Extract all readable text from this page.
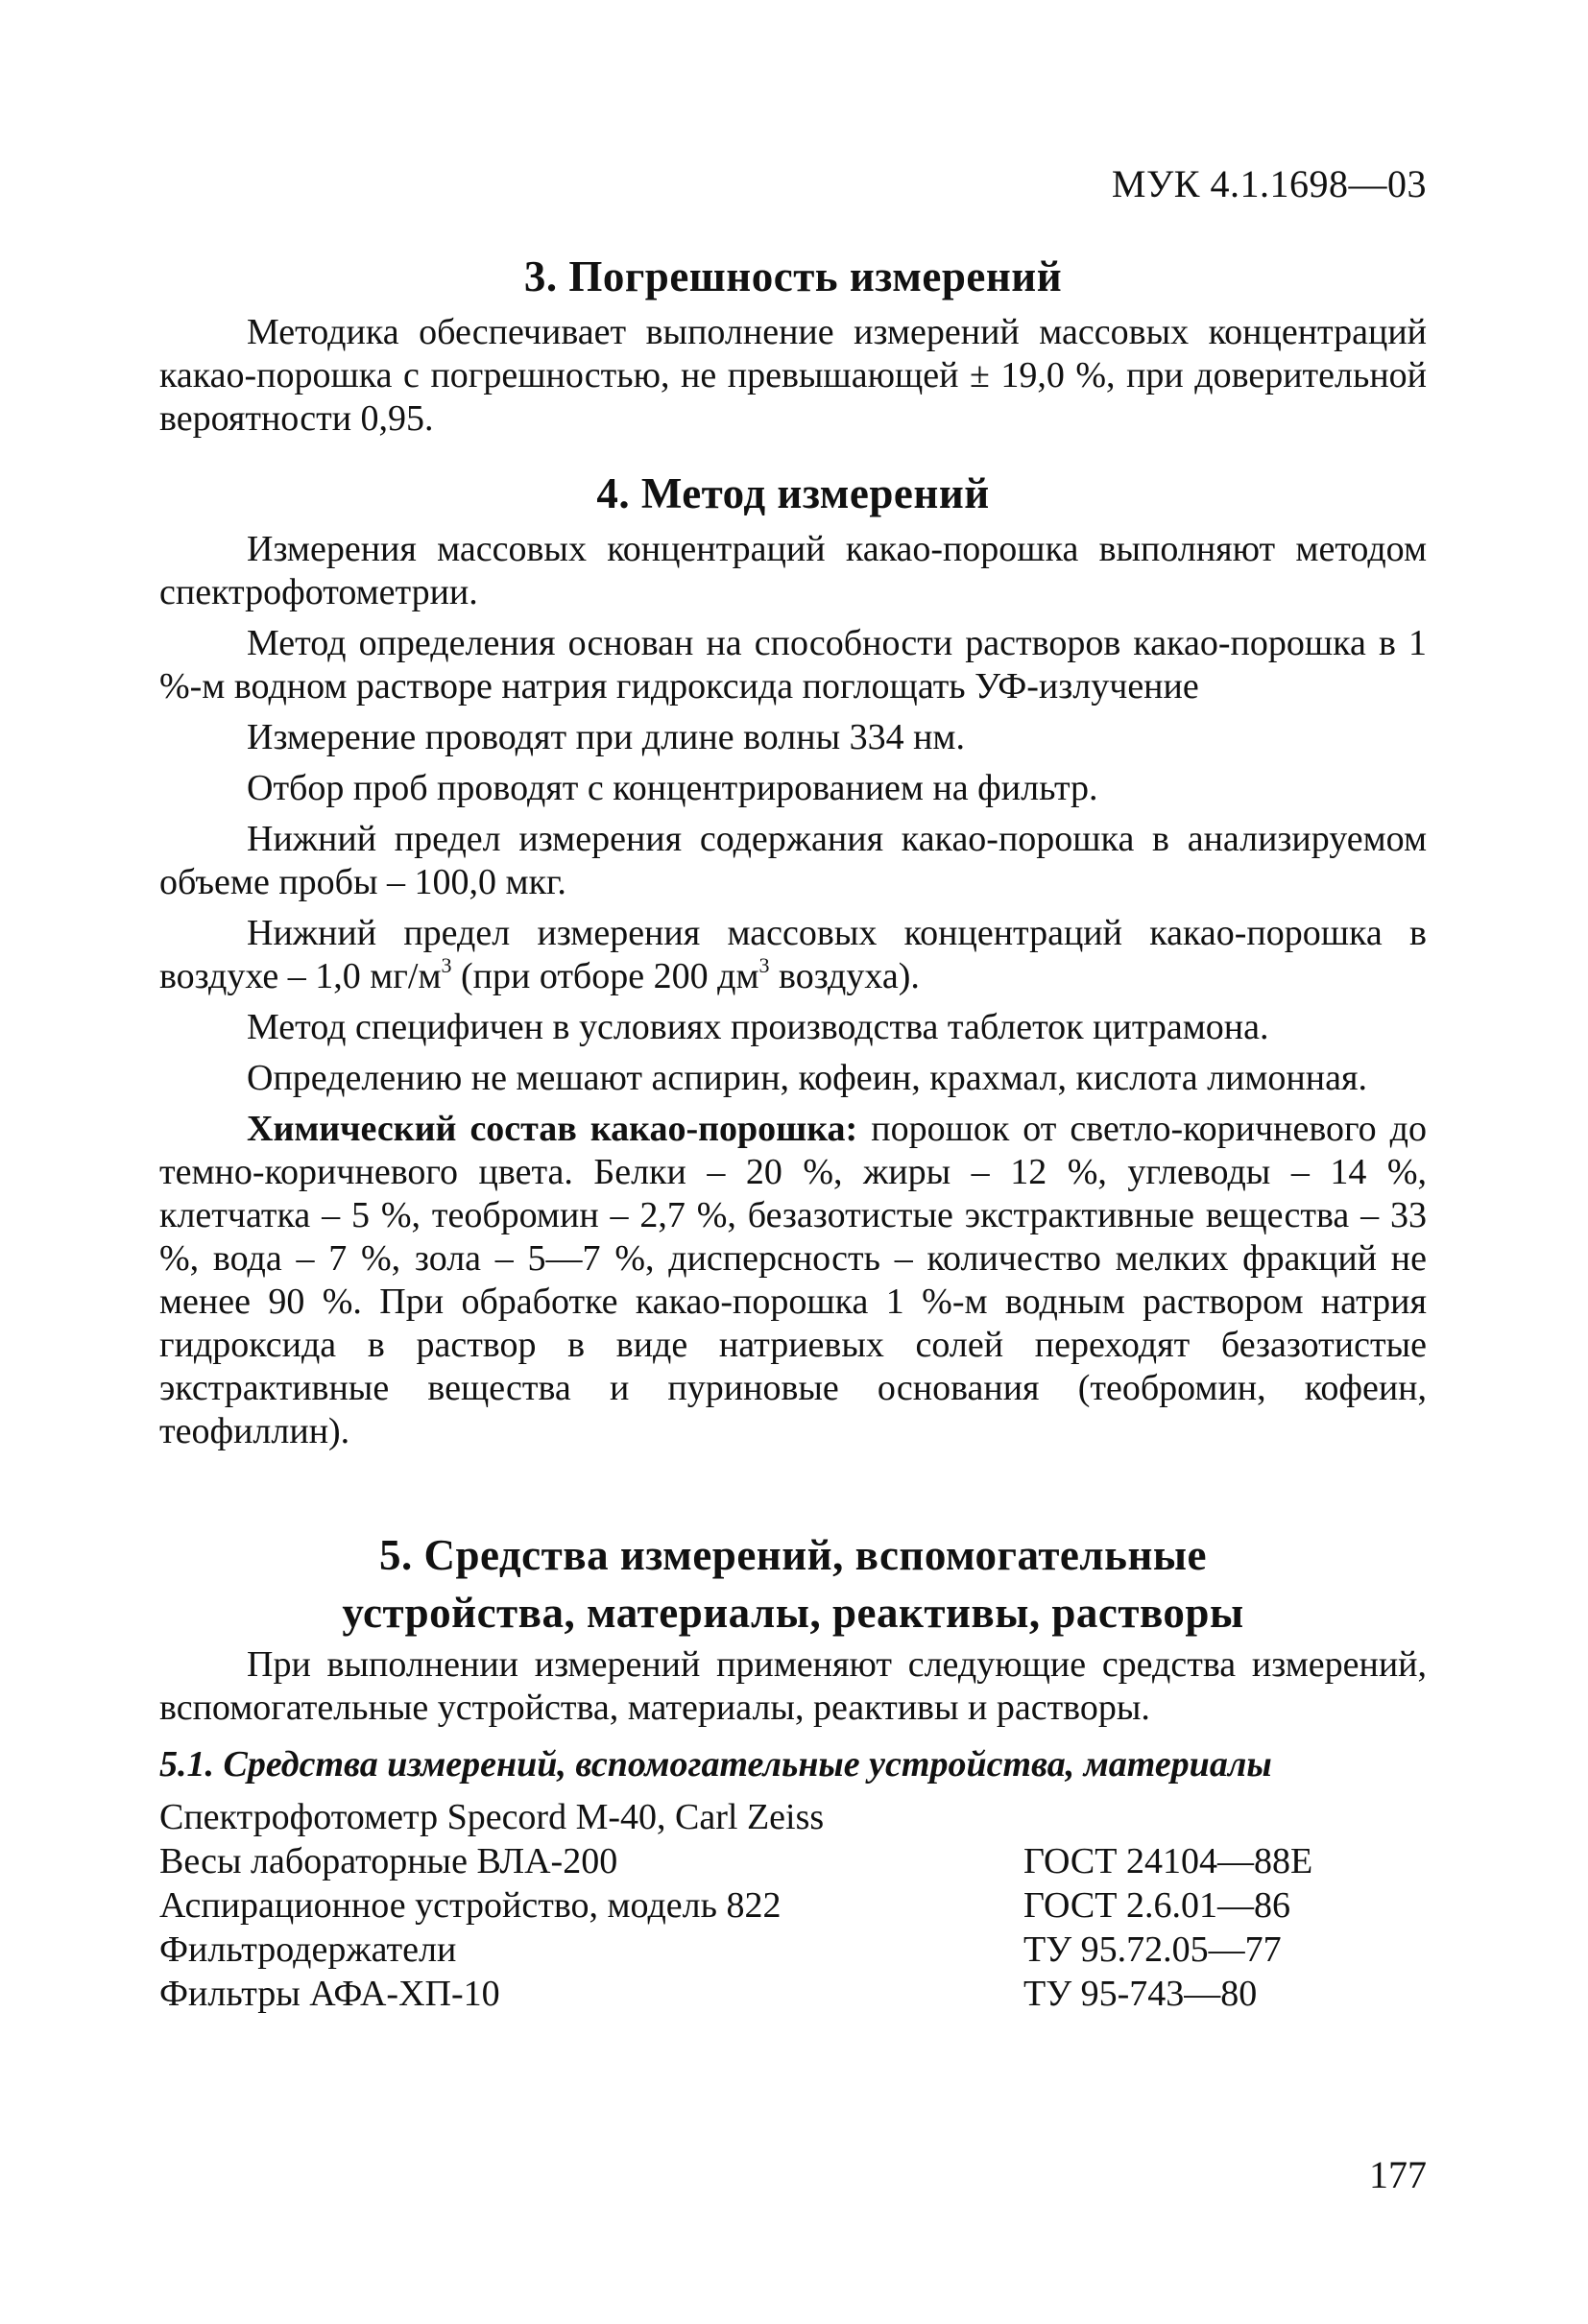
МУК 4.1.1698—03
3. Погрешность измерений

Методика обеспечивает выполнение измерений массовых концентраций какао-порошка с погрешностью, не превышающей ± 19,0 %, при доверительной вероятности 0,95.

4. Метод измерений

Измерения массовых концентраций какао-порошка выполняют методом спектрофотометрии.

Метод определения основан на способности растворов какао-порошка в 1 %-м водном растворе натрия гидроксида поглощать УФ-излучение

Измерение проводят при длине волны 334 нм.

Отбор проб проводят с концентрированием на фильтр.

Нижний предел измерения содержания какао-порошка в анализируемом объеме пробы – 100,0 мкг.

Нижний предел измерения массовых концентраций какао-порошка в воздухе – 1,0 $мг/м^3$ (при отборе 200 $дм^3$ воздуха).

Метод специфичен в условиях производства таблеток цитрамона.

Определению не мешают аспирин, кофеин, крахмал, кислота лимонная.

Химический состав какао-порошка: порошок от светло-коричневого до темно-коричневого цвета. Белки – 20 %, жиры – 12 %, углеводы – 14 %, клетчатка – 5 %, теобромин – 2,7 %, безазотистые экстрактивные вещества – 33 %, вода – 7 %, зола – 5—7 %, дисперсность – количество мелких фракций не менее 90 %. При обработке какао-порошка 1 %-м водным раствором натрия гидроксида в раствор в виде натриевых солей переходят безазотистые экстрактивные вещества и пуриновые основания (теобромин, кофеин, теофиллин).

5. Средства измерений, вспомогательные
устройства, материалы, реактивы, растворы

При выполнении измерений применяют следующие средства измерений, вспомогательные устройства, материалы, реактивы и растворы.

5.1. Средства измерений, вспомогательные устройства, материалы
Спектрофотометр Specord M-40, Carl Zeiss
Весы лабораторные ВЛА-200	ГОСТ 24104—88Е
Аспирационное устройство, модель 822	ГОСТ 2.6.01—86
Фильтродержатели	ТУ 95.72.05—77
Фильтры АФА-ХП-10	ТУ 95-743—80
177
